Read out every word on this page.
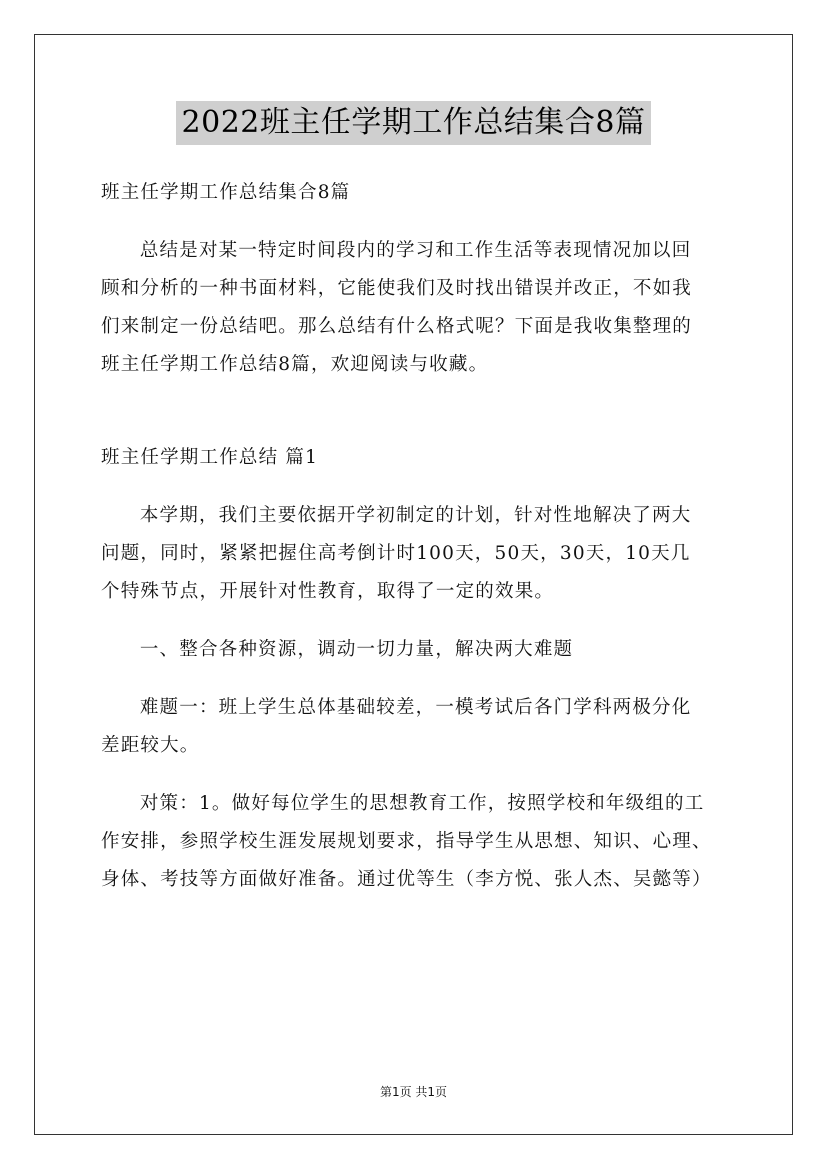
2022班主任学期工作总结集合8篇
班主任学期工作总结集合8篇
总结是对某一特定时间段内的学习和工作生活等表现情况加以回
顾和分析的一种书面材料，它能使我们及时找出错误并改正，不如我
们来制定一份总结吧。那么总结有什么格式呢？下面是我收集整理的
班主任学期工作总结8篇，欢迎阅读与收藏。
班主任学期工作总结 篇1
本学期，我们主要依据开学初制定的计划，针对性地解决了两大
问题，同时，紧紧把握住高考倒计时100天，50天，30天，10天几
个特殊节点，开展针对性教育，取得了一定的效果。
一、整合各种资源，调动一切力量，解决两大难题
难题一：班上学生总体基础较差，一模考试后各门学科两极分化
差距较大。
对策：1。做好每位学生的思想教育工作，按照学校和年级组的工
作安排，参照学校生涯发展规划要求，指导学生从思想、知识、心理、
身体、考技等方面做好准备。通过优等生（李方悦、张人杰、吴懿等）
第1页 共1页
